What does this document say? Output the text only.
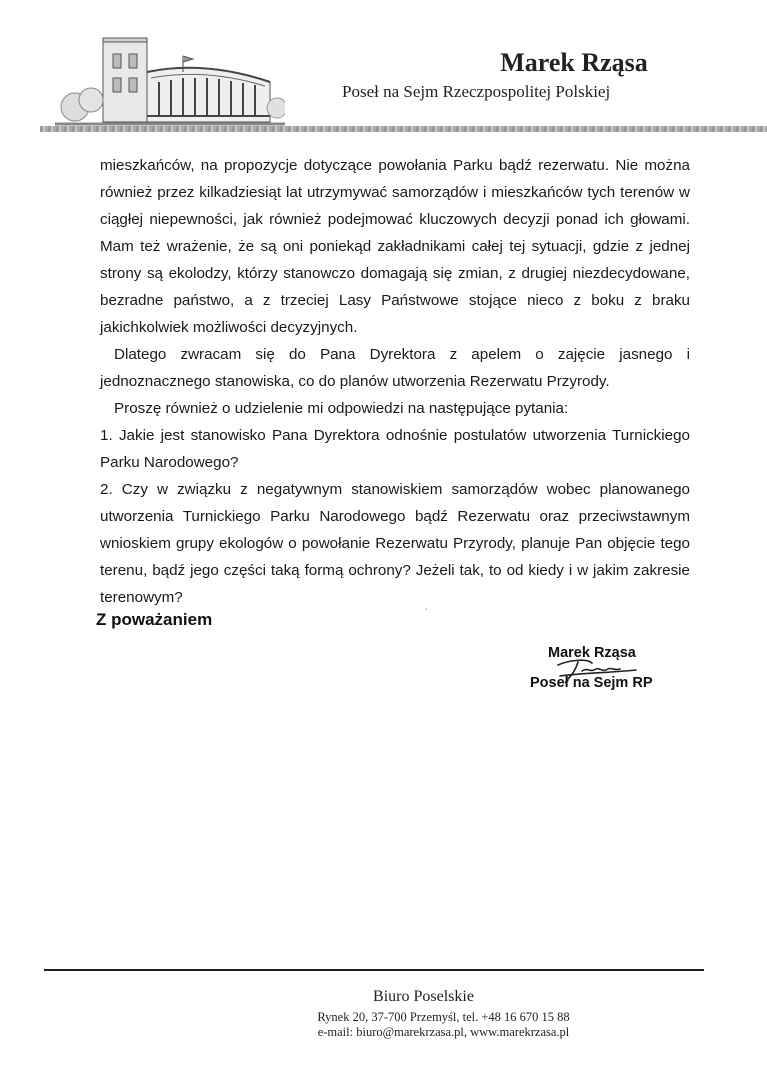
Marek Rząsa
Poseł na Sejm Rzeczpospolitej Polskiej

mieszkańców, na propozycje dotyczące powołania Parku bądź rezerwatu. Nie można również przez kilkadziesiąt lat utrzymywać samorządów i mieszkańców tych terenów w ciągłej niepewności, jak również podejmować kluczowych decyzji ponad ich głowami. Mam też wrażenie, że są oni poniekąd zakładnikami całej tej sytuacji, gdzie z jednej strony są ekolodzy, którzy stanowczo domagają się zmian, z drugiej niezdecydowane, bezradne państwo, a z trzeciej Lasy Państwowe stojące nieco z boku z braku jakichkolwiek możliwości decyzyjnych.

Dlatego zwracam się do Pana Dyrektora z apelem o zajęcie jasnego i jednoznacznego stanowiska, co do planów utworzenia Rezerwatu Przyrody.

Proszę również o udzielenie mi odpowiedzi na następujące pytania:

1. Jakie jest stanowisko Pana Dyrektora odnośnie postulatów utworzenia Turnickiego Parku Narodowego?

2. Czy w związku z negatywnym stanowiskiem samorządów wobec planowanego utworzenia Turnickiego Parku Narodowego bądź Rezerwatu oraz przeciwstawnym wnioskiem grupy ekologów o powołanie Rezerwatu Przyrody, planuje Pan objęcie tego terenu, bądź jego części taką formą ochrony? Jeżeli tak, to od kiedy i w jakim zakresie terenowym?

Z poważaniem
ˎ
Marek Rząsa
Poseł na Sejm RP
Biuro Poselskie
Rynek 20, 37-700 Przemyśl, tel. +48 16 670 15 88
e-mail: biuro@marekrzasa.pl, www.marekrzasa.pl
